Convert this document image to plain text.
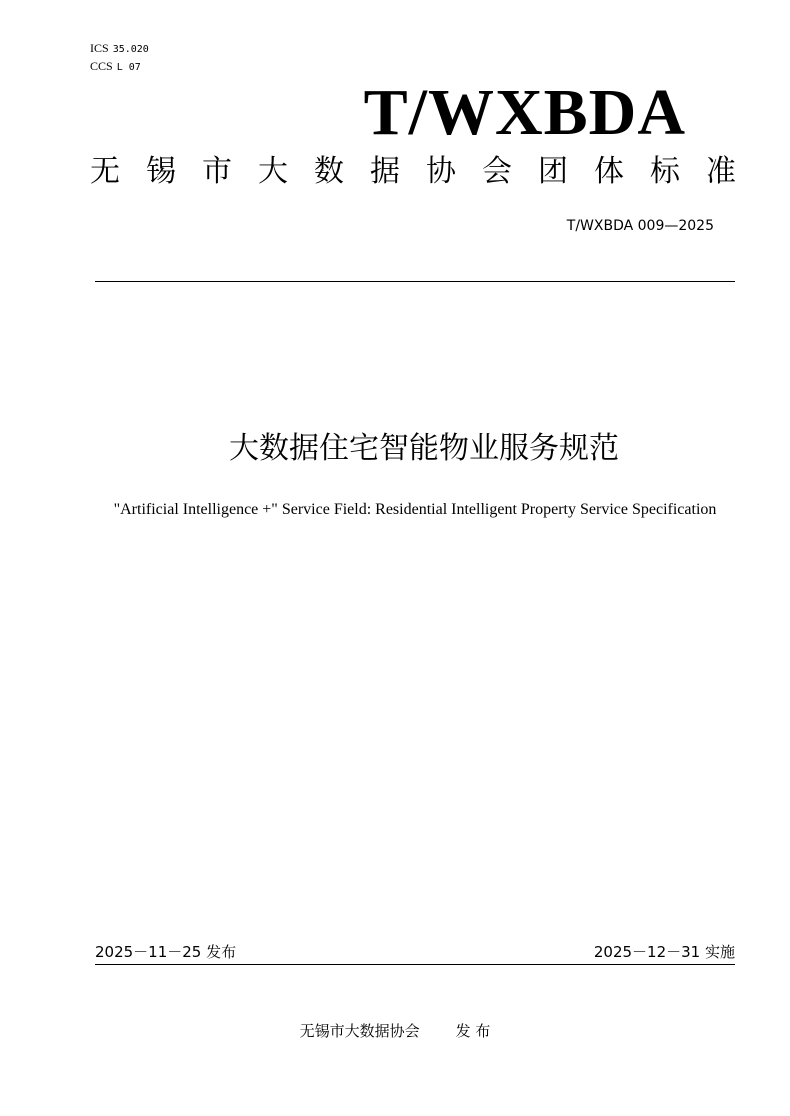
ICS 35.020
CCS L 07
T/WXBDA
无 锡 市 大 数 据 协 会 团 体 标 准
T/WXBDA 009—2025
大数据住宅智能物业服务规范
"Artificial Intelligence +" Service Field: Residential Intelligent Property Service Specification
2025－11－25 发布	2025－12－31 实施
无锡市大数据协会 发 布
